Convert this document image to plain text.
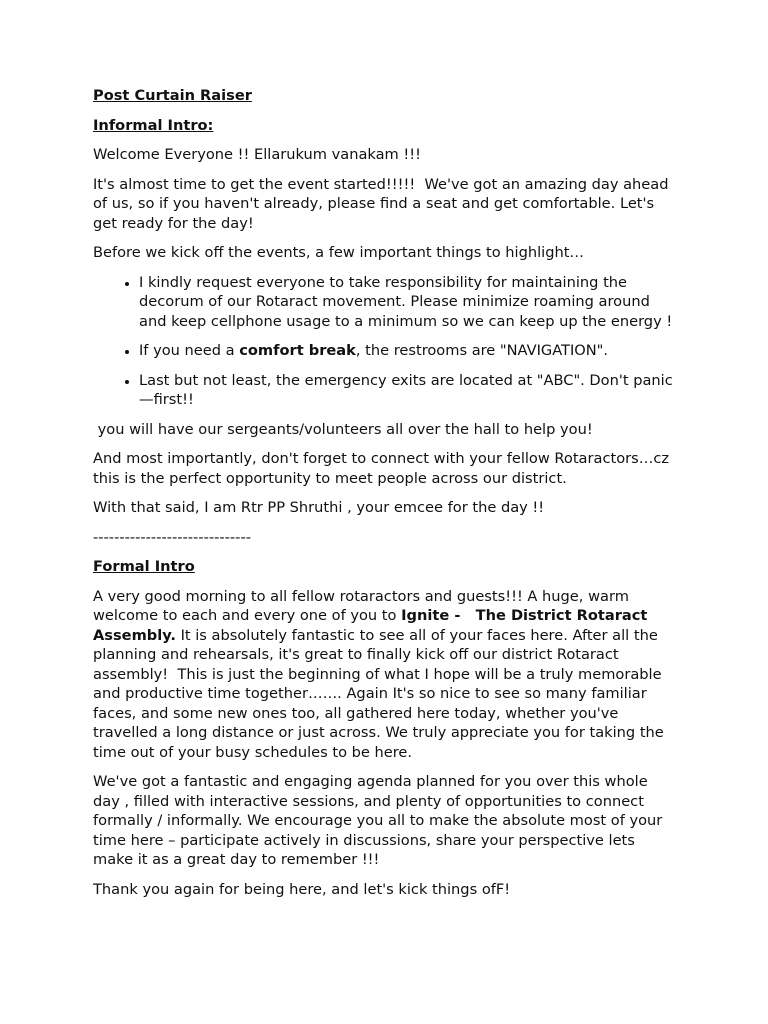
Post Curtain Raiser

Informal Intro:

Welcome Everyone !! Ellarukum vanakam !!!

It's almost time to get the event started!!!!!  We've got an amazing day ahead of us, so if you haven't already, please find a seat and get comfortable. Let's get ready for the day!

Before we kick off the events, a few important things to highlight…

• I kindly request everyone to take responsibility for maintaining the decorum of our Rotaract movement. Please minimize roaming around and keep cellphone usage to a minimum so we can keep up the energy !
• If you need a comfort break, the restrooms are "NAVIGATION".
• Last but not least, the emergency exits are located at "ABC". Don't panic—first!!

you will have our sergeants/volunteers all over the hall to help you!

And most importantly, don't forget to connect with your fellow Rotaractors…cz this is the perfect opportunity to meet people across our district.

With that said, I am Rtr PP Shruthi , your emcee for the day !!

------------------------------

Formal Intro

A very good morning to all fellow rotaractors and guests!!! A huge, warm welcome to each and every one of you to Ignite -   The District Rotaract Assembly. It is absolutely fantastic to see all of your faces here. After all the planning and rehearsals, it's great to finally kick off our district Rotaract assembly!  This is just the beginning of what I hope will be a truly memorable and productive time together……. Again It's so nice to see so many familiar faces, and some new ones too, all gathered here today, whether you've travelled a long distance or just across. We truly appreciate you for taking the time out of your busy schedules to be here.

We've got a fantastic and engaging agenda planned for you over this whole day , filled with interactive sessions, and plenty of opportunities to connect formally / informally. We encourage you all to make the absolute most of your time here – participate actively in discussions, share your perspective lets make it as a great day to remember !!!

Thank you again for being here, and let's kick things ofF!
